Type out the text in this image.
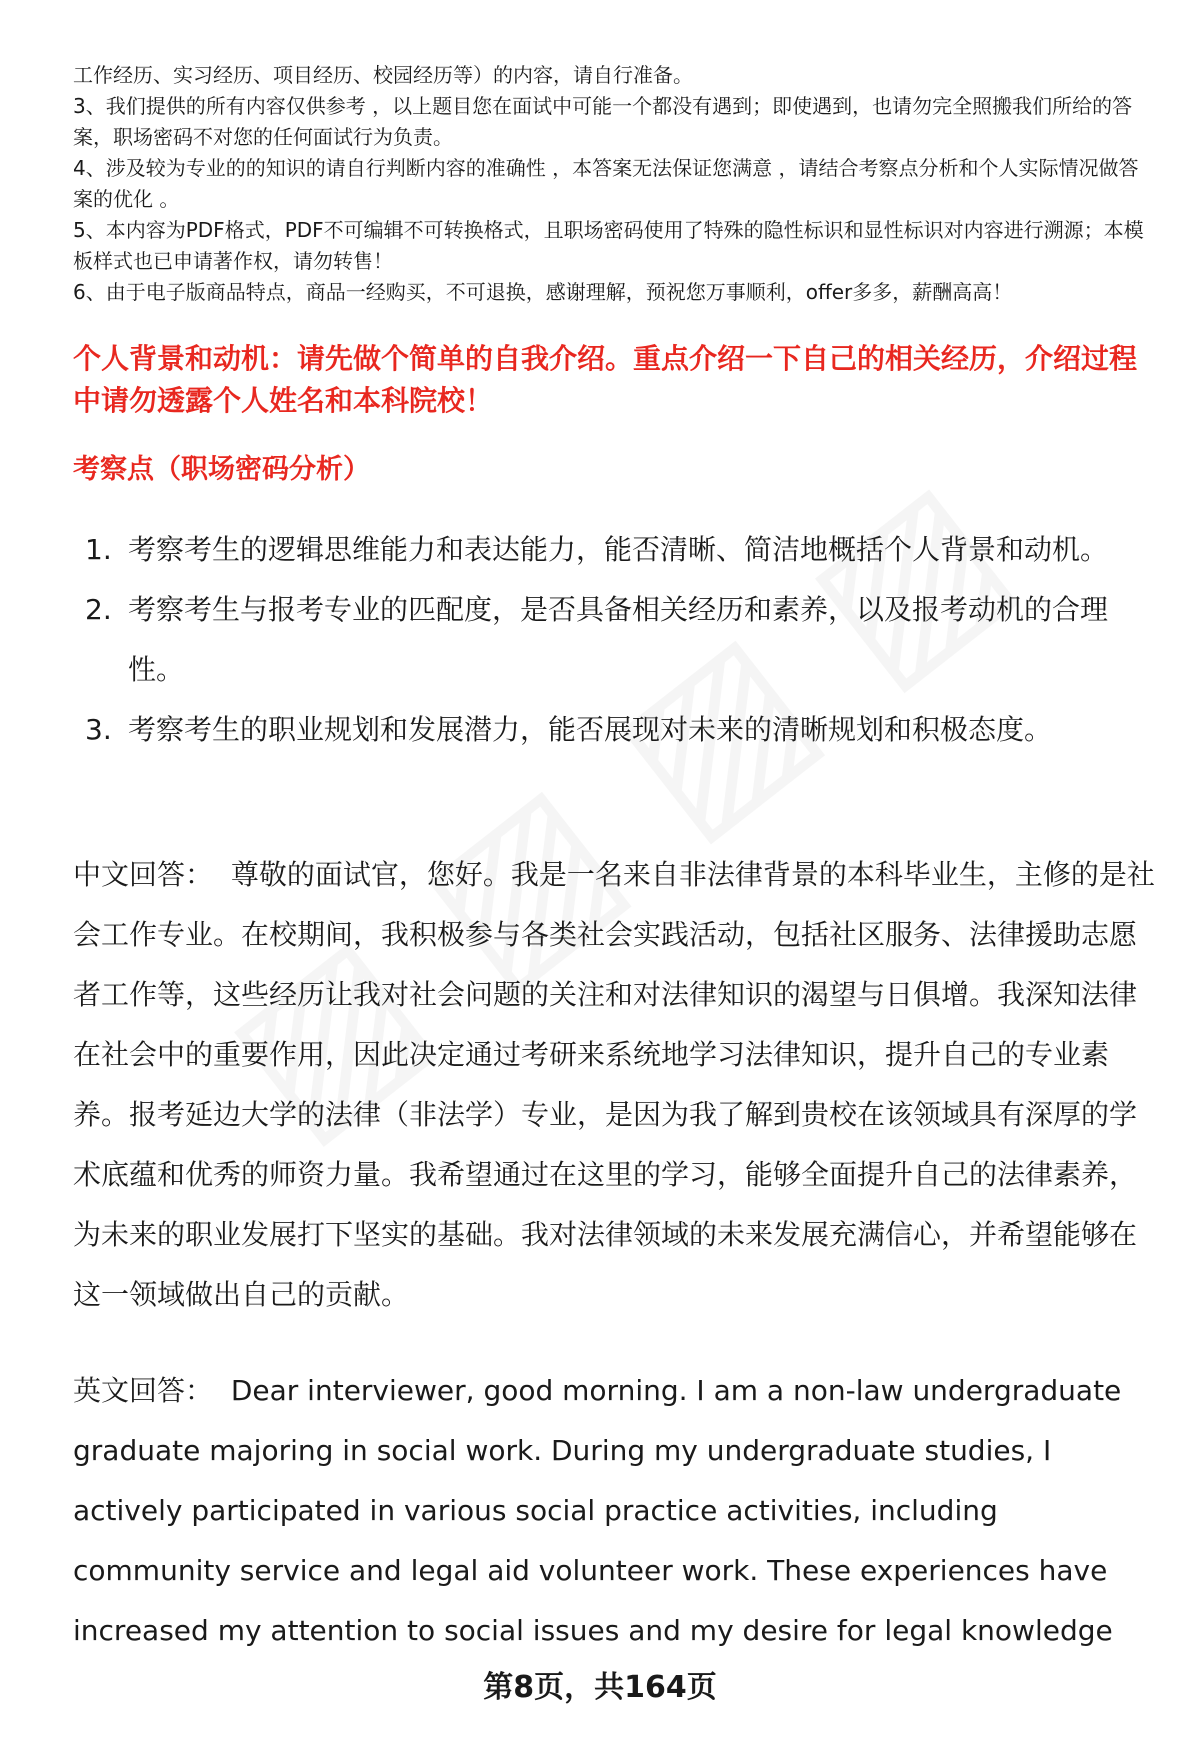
工作经历、实习经历、项目经历、校园经历等）的内容，请自行准备。

3、我们提供的所有内容仅供参考 ，以上题目您在面试中可能一个都没有遇到；即使遇到，也请勿完全照搬我们所给的答案，职场密码不对您的任何面试行为负责。

4、涉及较为专业的的知识的请自行判断内容的准确性 ，本答案无法保证您满意 ，请结合考察点分析和个人实际情况做答案的优化 。

5、本内容为PDF格式，PDF不可编辑不可转换格式，且职场密码使用了特殊的隐性标识和显性标识对内容进行溯源；本模板样式也已申请著作权，请勿转售！

6、由于电子版商品特点，商品一经购买，不可退换，感谢理解，预祝您万事顺利，offer多多，薪酬高高！

个人背景和动机：请先做个简单的自我介绍。重点介绍一下自己的相关经历，介绍过程中请勿透露个人姓名和本科院校！
考察点（职场密码分析）
1. 考察考生的逻辑思维能力和表达能力，能否清晰、简洁地概括个人背景和动机。
2. 考察考生与报考专业的匹配度，是否具备相关经历和素养，以及报考动机的合理性。
3. 考察考生的职业规划和发展潜力，能否展现对未来的清晰规划和积极态度。

中文回答： 尊敬的面试官，您好。我是一名来自非法律背景的本科毕业生，主修的是社会工作专业。在校期间，我积极参与各类社会实践活动，包括社区服务、法律援助志愿者工作等，这些经历让我对社会问题的关注和对法律知识的渴望与日俱增。我深知法律在社会中的重要作用，因此决定通过考研来系统地学习法律知识，提升自己的专业素养。报考延边大学的法律（非法学）专业，是因为我了解到贵校在该领域具有深厚的学术底蕴和优秀的师资力量。我希望通过在这里的学习，能够全面提升自己的法律素养，为未来的职业发展打下坚实的基础。我对法律领域的未来发展充满信心，并希望能够在这一领域做出自己的贡献。

英文回答： Dear interviewer, good morning. I am a non-law undergraduate graduate majoring in social work. During my undergraduate studies, I actively participated in various social practice activities, including community service and legal aid volunteer work. These experiences have increased my attention to social issues and my desire for legal knowledge

第8页，共164页
